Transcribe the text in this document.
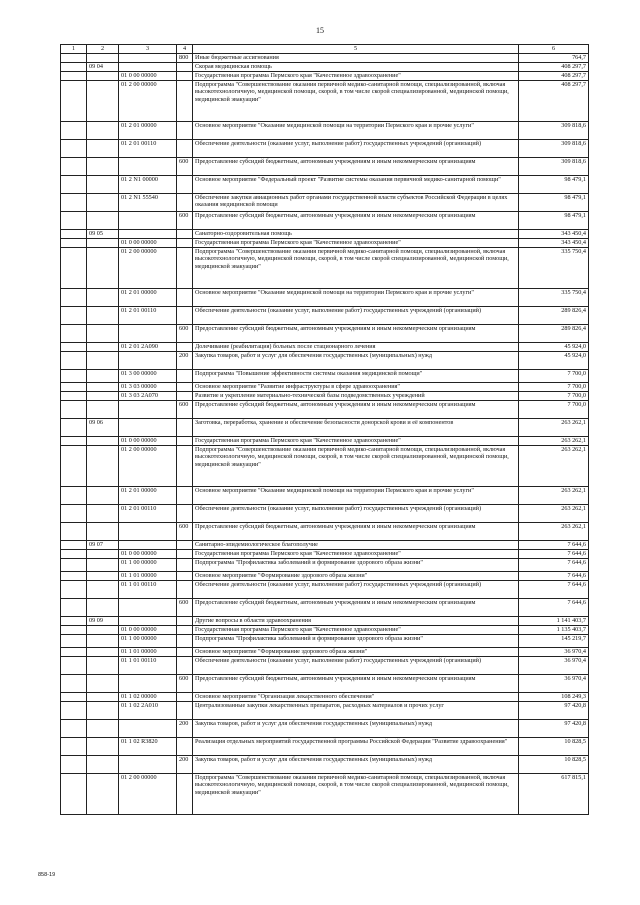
15
1	2	3	4	5	6
			800	Иные бюджетные ассигнования	764,7
	09 04			Скорая медицинская помощь	408 297,7
		01 0 00 00000		Государственная программа Пермского края "Качественное здравоохранение"	408 297,7
		01 2 00 00000		Подпрограмма "Совершенствование оказания первичной медико-санитарной помощи, специализированной, включая высокотехнологичную, медицинской помощи, скорой, в том числе скорой специализированной, медицинской помощи, медицинской эвакуации"	408 297,7
		01 2 01 00000		Основное мероприятие "Оказание медицинской помощи на территории Пермского края и прочие услуги"	309 818,6
		01 2 01 00110		Обеспечение деятельности (оказание услуг, выполнение работ) государственных учреждений (организаций)	309 818,6
			600	Предоставление субсидий бюджетным, автономным учреждениям и иным некоммерческим организациям	309 818,6
		01 2 N1 00000		Основное мероприятие "Федеральный проект "Развитие системы оказания первичной медико-санитарной помощи"	98 479,1
		01 2 N1 55540		Обеспечение закупки авиационных работ органами государственной власти субъектов Российской Федерации в целях оказания медицинской помощи	98 479,1
			600	Предоставление субсидий бюджетным, автономным учреждениям и иным некоммерческим организациям	98 479,1
	09 05			Санаторно-оздоровительная помощь	343 450,4
		01 0 00 00000		Государственная программа Пермского края "Качественное здравоохранение"	343 450,4
		01 2 00 00000		Подпрограмма "Совершенствование оказания первичной медико-санитарной помощи, специализированной, включая высокотехнологичную, медицинской помощи, скорой, в том числе скорой специализированной, медицинской помощи, медицинской эвакуации"	335 750,4
		01 2 01 00000		Основное мероприятие "Оказание медицинской помощи на территории Пермского края и прочие услуги"	335 750,4
		01 2 01 00110		Обеспечение деятельности (оказание услуг, выполнение работ) государственных учреждений (организаций)	289 826,4
			600	Предоставление субсидий бюджетным, автономным учреждениям и иным некоммерческим организациям	289 826,4
		01 2 01 2A090		Долечивание (реабилитация) больных после стационарного лечения	45 924,0
			200	Закупка товаров, работ и услуг для обеспечения государственных (муниципальных) нужд	45 924,0
		01 3 00 00000		Подпрограмма "Повышение эффективности системы оказания медицинской помощи"	7 700,0
		01 3 03 00000		Основное мероприятие "Развитие инфраструктуры в сфере здравоохранения"	7 700,0
		01 3 03 2A070		Развитие и укрепление материально-технической базы подведомственных учреждений	7 700,0
			600	Предоставление субсидий бюджетным, автономным учреждениям и иным некоммерческим организациям	7 700,0
	09 06			Заготовка, переработка, хранение и обеспечение безопасности донорской крови и её компонентов	263 262,1
		01 0 00 00000		Государственная программа Пермского края "Качественное здравоохранение"	263 262,1
		01 2 00 00000		Подпрограмма "Совершенствование оказания первичной медико-санитарной помощи, специализированной, включая высокотехнологичную, медицинской помощи, скорой, в том числе скорой специализированной, медицинской помощи, медицинской эвакуации"	263 262,1
		01 2 01 00000		Основное мероприятие "Оказание медицинской помощи на территории Пермского края и прочие услуги"	263 262,1
		01 2 01 00110		Обеспечение деятельности (оказание услуг, выполнение работ) государственных учреждений (организаций)	263 262,1
			600	Предоставление субсидий бюджетным, автономным учреждениям и иным некоммерческим организациям	263 262,1
	09 07			Санитарно-эпидемиологическое благополучие	7 644,6
		01 0 00 00000		Государственная программа Пермского края "Качественное здравоохранение"	7 644,6
		01 1 00 00000		Подпрограмма "Профилактика заболеваний и формирование здорового образа жизни"	7 644,6
		01 1 01 00000		Основное мероприятие "Формирование здорового образа жизни"	7 644,6
		01 1 01 00110		Обеспечение деятельности (оказание услуг, выполнение работ) государственных учреждений (организаций)	7 644,6
			600	Предоставление субсидий бюджетным, автономным учреждениям и иным некоммерческим организациям	7 644,6
	09 09			Другие вопросы в области здравоохранения	1 141 403,7
		01 0 00 00000		Государственная программа Пермского края "Качественное здравоохранение"	1 135 403,7
		01 1 00 00000		Подпрограмма "Профилактика заболеваний и формирование здорового образа жизни"	145 219,7
		01 1 01 00000		Основное мероприятие "Формирование здорового образа жизни"	36 970,4
		01 1 01 00110		Обеспечение деятельности (оказание услуг, выполнение работ) государственных учреждений (организаций)	36 970,4
			600	Предоставление субсидий бюджетным, автономным учреждениям и иным некоммерческим организациям	36 970,4
		01 1 02 00000		Основное мероприятие "Организация лекарственного обеспечения"	108 249,3
		01 1 02 2A010		Централизованные закупки лекарственных препаратов, расходных материалов и прочих услуг	97 420,8
			200	Закупка товаров, работ и услуг для обеспечения государственных (муниципальных) нужд	97 420,8
		01 1 02 R3820		Реализация отдельных мероприятий государственной программы Российской Федерации "Развитие здравоохранения"	10 828,5
			200	Закупка товаров, работ и услуг для обеспечения государственных (муниципальных) нужд	10 828,5
		01 2 00 00000		Подпрограмма "Совершенствование оказания первичной медико-санитарной помощи, специализированной, включая высокотехнологичную, медицинской помощи, скорой, в том числе скорой специализированной, медицинской помощи, медицинской эвакуации"	617 815,1
858-19
